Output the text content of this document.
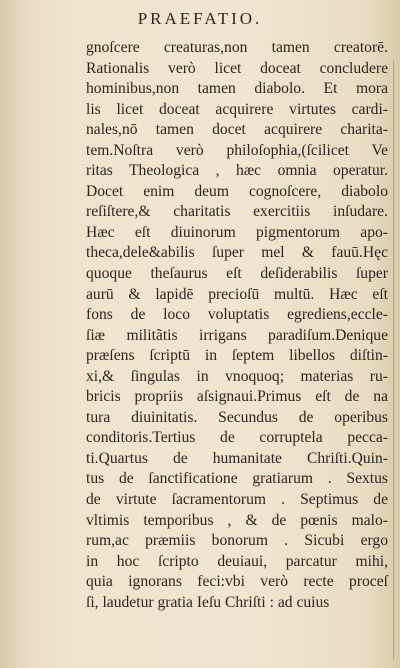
PRAEFATIO.
gnoſcere creaturas,non tamen creatorē.
Rationalis verò licet doceat concludere
hominibus,non tamen diabolo. Et mora
lis licet doceat acquirere virtutes cardi-
nales,nō tamen docet acquirere charita-
tem.Noſtra verò philoſophia,(ſcilicet Ve
ritas Theologica , hæc omnia operatur.
Docet enim deum cognoſcere, diabolo
reſiſtere,& charitatis exercitiis inſudare.
Hæc eſt diuinorum pigmentorum apo-
theca,dele&abilis ſuper mel & fauū.Hęc
quoque theſaurus eſt deſiderabilis ſuper
aurū & lapidē precioſū multū. Hæc eſt
fons de loco voluptatis egrediens,eccle-
ſiæ militãtis irrigans paradiſum.Denique
præſens ſcriptū in ſeptem libellos diſtin-
xi,& ſingulas in vnoquoq; materias ru-
bricis propriis aſsignaui.Primus eſt de na
tura diuinitatis. Secundus de operibus
conditoris.Tertius de corruptela pecca-
ti.Quartus de humanitate Chriſti.Quin-
tus de ſanctificatione gratiarum . Sextus
de virtute ſacramentorum . Septimus de
vltimis temporibus , & de pœnis malo-
rum,ac præmiis bonorum . Sicubi ergo
in hoc ſcripto deuiaui, parcatur mihi,
quia ignorans feci:vbi verò recte proceſ
ſi, laudetur gratia Ieſu Chriſti : ad cuius
